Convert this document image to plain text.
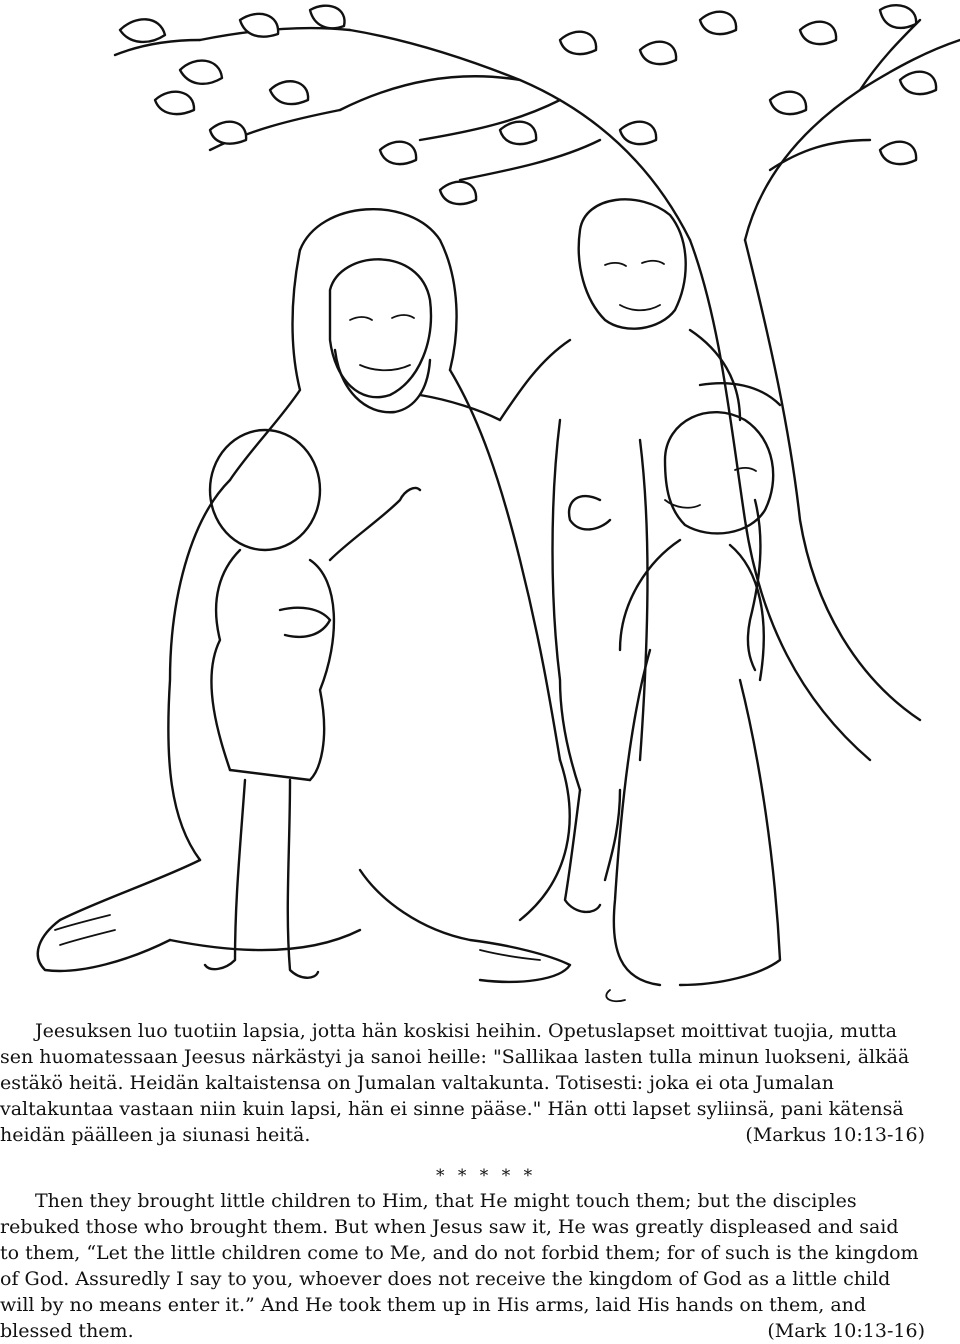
Jeesuksen luo tuotiin lapsia, jotta hän koskisi heihin. Opetuslapset moittivat tuojia, mutta
sen huomatessaan Jeesus närkästyi ja sanoi heille: "Sallikaa lasten tulla minun luokseni, älkää
estäkö heitä. Heidän kaltaistensa on Jumalan valtakunta. Totisesti: joka ei ota Jumalan
valtakuntaa vastaan niin kuin lapsi, hän ei sinne pääse." Hän otti lapset syliinsä, pani kätensä
heidän päälleen ja siunasi heitä.	(Markus 10:13-16)
* * * * *
Then they brought little children to Him, that He might touch them; but the disciples
rebuked those who brought them. But when Jesus saw it, He was greatly displeased and said
to them, “Let the little children come to Me, and do not forbid them; for of such is the kingdom
of God. Assuredly I say to you, whoever does not receive the kingdom of God as a little child
will by no means enter it.” And He took them up in His arms, laid His hands on them, and
blessed them.	(Mark 10:13-16)
